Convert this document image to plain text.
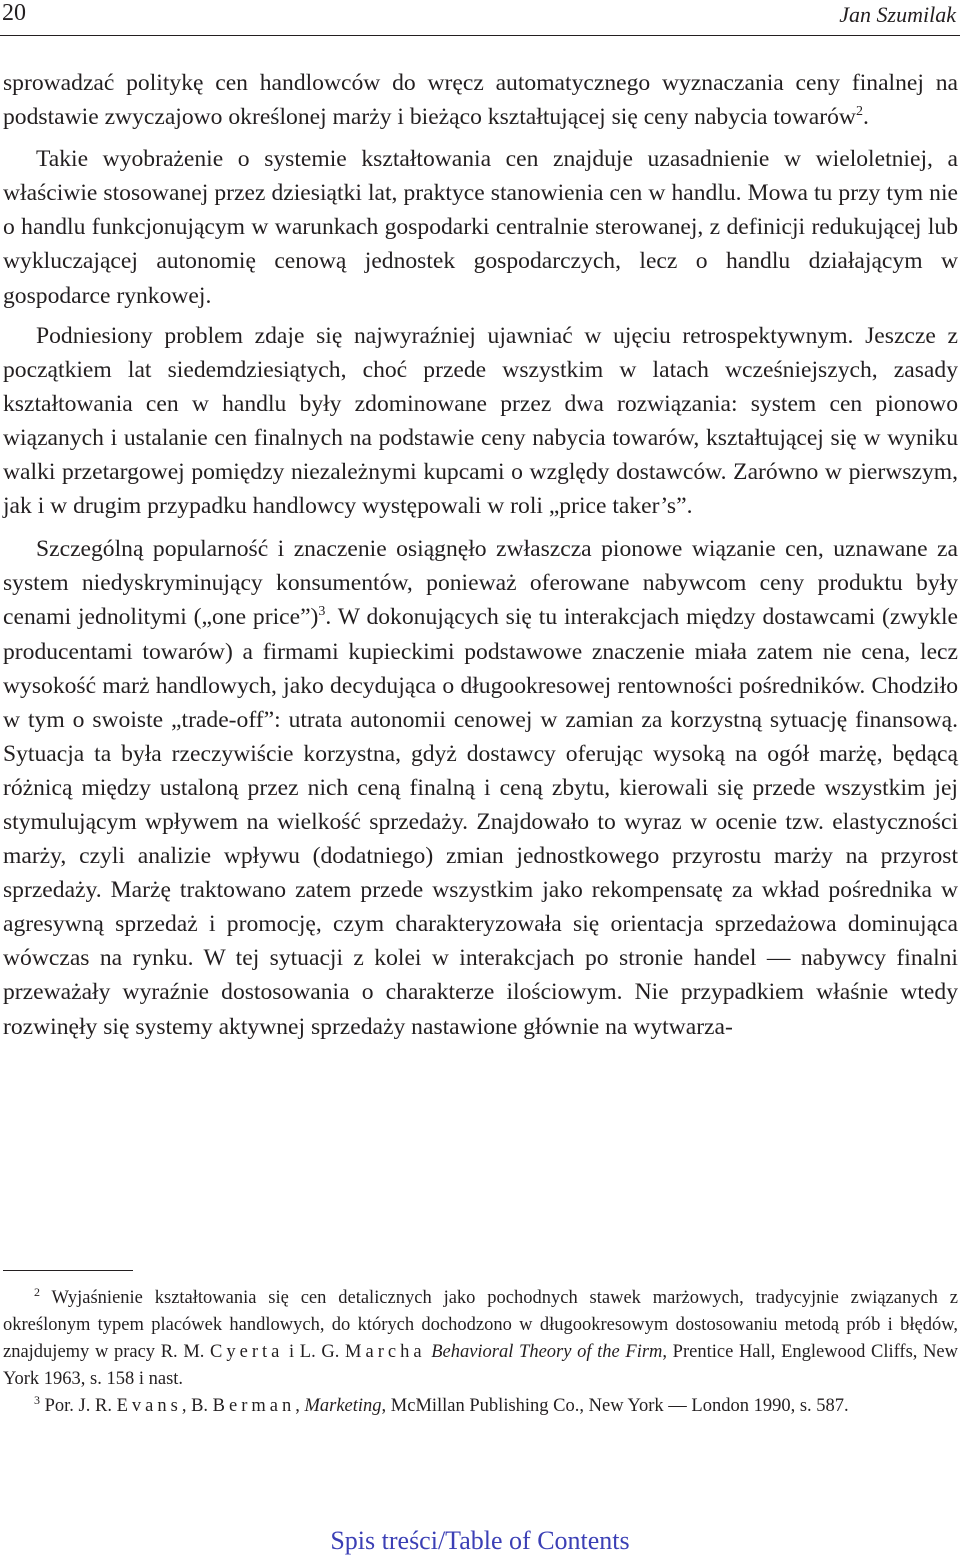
20	Jan Szumilak

sprowadzać politykę cen handlowców do wręcz automatycznego wyznaczania ceny finalnej na podstawie zwyczajowo określonej marży i bieżąco kształtującej się ceny nabycia towarów$^2$.

Takie wyobrażenie o systemie kształtowania cen znajduje uzasadnienie w wieloletniej, a właściwie stosowanej przez dziesiątki lat, praktyce stanowienia cen w handlu. Mowa tu przy tym nie o handlu funkcjonującym w warunkach gospodarki centralnie sterowanej, z definicji redukującej lub wykluczającej autonomię cenową jednostek gospodarczych, lecz o handlu działającym w gospodarce rynkowej.

Podniesiony problem zdaje się najwyraźniej ujawniać w ujęciu retrospektywnym. Jeszcze z początkiem lat siedemdziesiątych, choć przede wszystkim w latach wcześniejszych, zasady kształtowania cen w handlu były zdominowane przez dwa rozwiązania: system cen pionowo wiązanych i ustalanie cen finalnych na podstawie ceny nabycia towarów, kształtującej się w wyniku walki przetargowej pomiędzy niezależnymi kupcami o względy dostawców. Zarówno w pierwszym, jak i w drugim przypadku handlowcy występowali w roli „price taker’s”.

Szczególną popularność i znaczenie osiągnęło zwłaszcza pionowe wiązanie cen, uznawane za system niedyskryminujący konsumentów, ponieważ oferowane nabywcom ceny produktu były cenami jednolitymi („one price”)$^3$. W dokonujących się tu interakcjach między dostawcami (zwykle producentami towarów) a firmami kupieckimi podstawowe znaczenie miała zatem nie cena, lecz wysokość marż handlowych, jako decydująca o długookresowej rentowności pośredników. Chodziło w tym o swoiste „trade-off”: utrata autonomii cenowej w zamian za korzystną sytuację finansową. Sytuacja ta była rzeczywiście korzystna, gdyż dostawcy oferując wysoką na ogół marżę, będącą różnicą między ustaloną przez nich ceną finalną i ceną zbytu, kierowali się przede wszystkim jej stymulującym wpływem na wielkość sprzedaży. Znajdowało to wyraz w ocenie tzw. elastyczności marży, czyli analizie wpływu (dodatniego) zmian jednostkowego przyrostu marży na przyrost sprzedaży. Marżę traktowano zatem przede wszystkim jako rekompensatę za wkład pośrednika w agresywną sprzedaż i promocję, czym charakteryzowała się orientacja sprzedażowa dominująca wówczas na rynku. W tej sytuacji z kolei w interakcjach po stronie handel — nabywcy finalni przeważały wyraźnie dostosowania o charakterze ilościowym. Nie przypadkiem właśnie wtedy rozwinęły się systemy aktywnej sprzedaży nastawione głównie na wytwarza-

$^2$ Wyjaśnienie kształtowania się cen detalicznych jako pochodnych stawek marżowych, tradycyjnie związanych z określonym typem placówek handlowych, do których dochodzono w długookresowym dostosowaniu metodą prób i błędów, znajdujemy w pracy R. M. Cyerta i L. G. Marcha Behavioral Theory of the Firm, Prentice Hall, Englewood Cliffs, New York 1963, s. 158 i nast.

$^3$ Por. J. R. Evans, B. Berman, Marketing, McMillan Publishing Co., New York — London 1990, s. 587.

Spis treści/Table of Contents
